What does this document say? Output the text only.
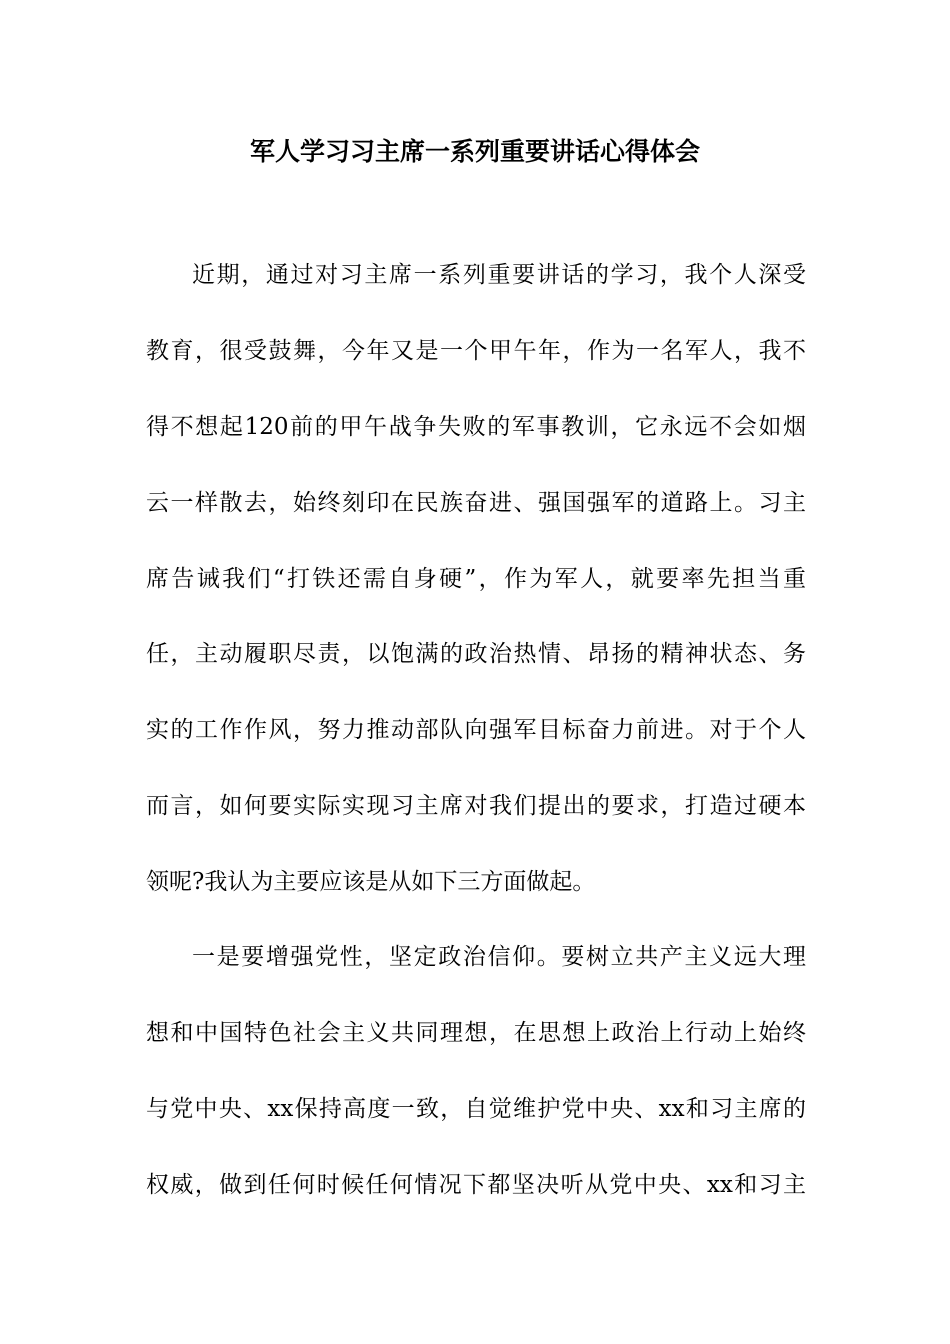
军人学习习主席一系列重要讲话心得体会
近期，通过对习主席一系列重要讲话的学习，我个人深受
教育，很受鼓舞，今年又是一个甲午年，作为一名军人，我不
得不想起120前的甲午战争失败的军事教训，它永远不会如烟
云一样散去，始终刻印在民族奋进、强国强军的道路上。习主
席告诫我们“打铁还需自身硬”，作为军人，就要率先担当重
任，主动履职尽责，以饱满的政治热情、昂扬的精神状态、务
实的工作作风，努力推动部队向强军目标奋力前进。对于个人
而言，如何要实际实现习主席对我们提出的要求，打造过硬本
领呢?我认为主要应该是从如下三方面做起。
一是要增强党性，坚定政治信仰。要树立共产主义远大理
想和中国特色社会主义共同理想，在思想上政治上行动上始终
与党中央、xx保持高度一致，自觉维护党中央、xx和习主席的
权威，做到任何时候任何情况下都坚决听从党中央、xx和习主
